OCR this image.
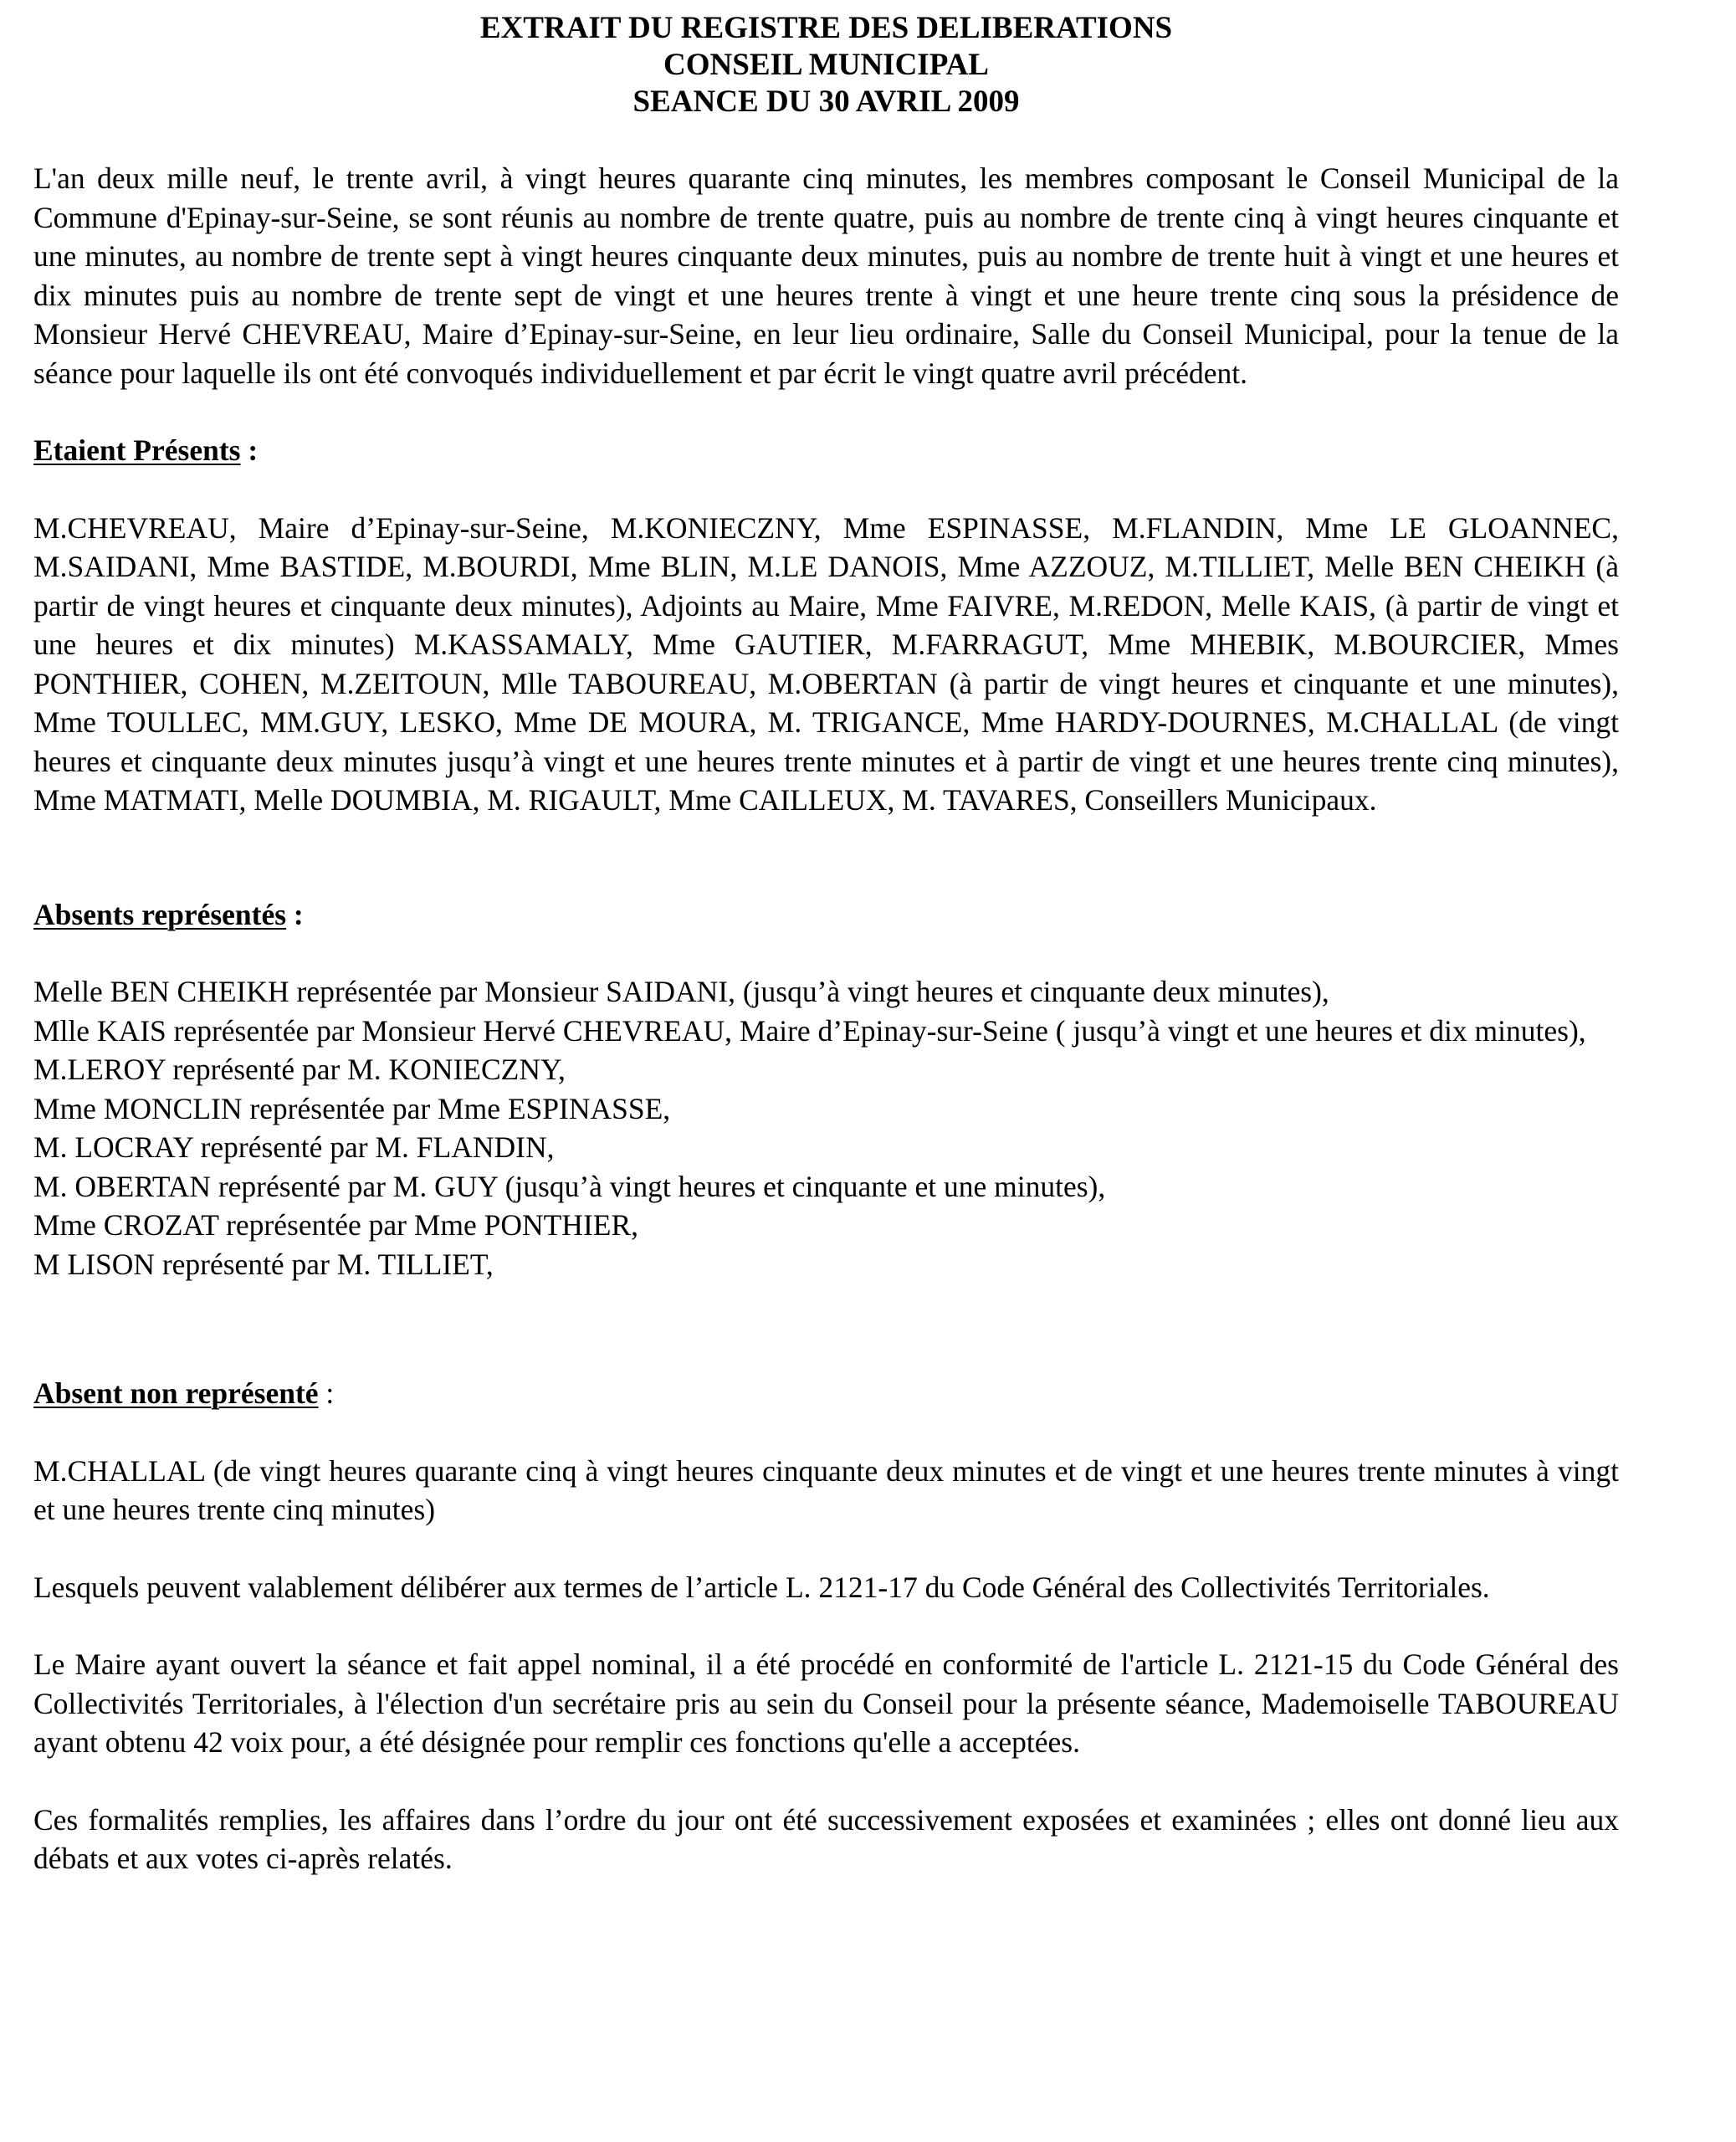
EXTRAIT DU REGISTRE DES DELIBERATIONS
CONSEIL MUNICIPAL
SEANCE DU 30 AVRIL 2009

L'an deux mille neuf, le trente avril, à vingt heures quarante cinq minutes, les membres composant le Conseil Municipal de la Commune d'Epinay-sur-Seine, se sont réunis au nombre de trente quatre, puis au nombre de trente cinq à vingt heures cinquante et une minutes, au nombre de trente sept à vingt heures cinquante deux minutes, puis au nombre de trente huit à vingt et une heures et dix minutes puis au nombre de trente sept de vingt et une heures trente à vingt et une heure trente cinq sous la présidence de Monsieur Hervé CHEVREAU, Maire d’Epinay-sur-Seine, en leur lieu ordinaire, Salle du Conseil Municipal, pour la tenue de la séance pour laquelle ils ont été convoqués individuellement et par écrit le vingt quatre avril précédent.

Etaient Présents :

M.CHEVREAU, Maire d’Epinay-sur-Seine, M.KONIECZNY, Mme ESPINASSE, M.FLANDIN, Mme LE GLOANNEC, M.SAIDANI, Mme BASTIDE, M.BOURDI, Mme BLIN, M.LE DANOIS, Mme AZZOUZ, M.TILLIET, Melle BEN CHEIKH (à partir de vingt heures et cinquante deux minutes), Adjoints au Maire, Mme FAIVRE, M.REDON, Melle KAIS, (à partir de vingt et une heures et dix minutes) M.KASSAMALY, Mme GAUTIER, M.FARRAGUT, Mme MHEBIK, M.BOURCIER, Mmes PONTHIER, COHEN, M.ZEITOUN, Mlle TABOUREAU, M.OBERTAN (à partir de vingt heures et cinquante et une minutes), Mme TOULLEC, MM.GUY, LESKO, Mme DE MOURA, M. TRIGANCE, Mme HARDY-DOURNES, M.CHALLAL (de vingt heures et cinquante deux minutes jusqu’à vingt et une heures trente minutes et à partir de vingt et une heures trente cinq minutes), Mme MATMATI, Melle DOUMBIA, M. RIGAULT, Mme CAILLEUX, M. TAVARES, Conseillers Municipaux.

Absents représentés :

Melle BEN CHEIKH représentée par Monsieur SAIDANI, (jusqu’à vingt heures et cinquante deux minutes),

Mlle KAIS représentée par Monsieur Hervé CHEVREAU, Maire d’Epinay-sur-Seine ( jusqu’à vingt et une heures et dix minutes),

M.LEROY représenté par M. KONIECZNY,

Mme MONCLIN représentée par Mme ESPINASSE,

M. LOCRAY représenté par M. FLANDIN,

M. OBERTAN représenté par M. GUY (jusqu’à vingt heures et cinquante et une minutes),

Mme CROZAT représentée par Mme PONTHIER,

M LISON représenté par M. TILLIET,

Absent non représenté :

M.CHALLAL (de vingt heures quarante cinq à vingt heures cinquante deux minutes et de vingt et une heures trente minutes à vingt et une heures trente cinq minutes)

Lesquels peuvent valablement délibérer aux termes de l’article L. 2121-17 du Code Général des Collectivités Territoriales.

Le Maire ayant ouvert la séance et fait appel nominal, il a été procédé en conformité de l'article L. 2121-15 du Code Général des Collectivités Territoriales, à l'élection d'un secrétaire pris au sein du Conseil pour la présente séance, Mademoiselle TABOUREAU ayant obtenu 42 voix pour, a été désignée pour remplir ces fonctions qu'elle a acceptées.

Ces formalités remplies, les affaires dans l’ordre du jour ont été successivement exposées et examinées ; elles ont donné lieu aux débats et aux votes ci-après relatés.
